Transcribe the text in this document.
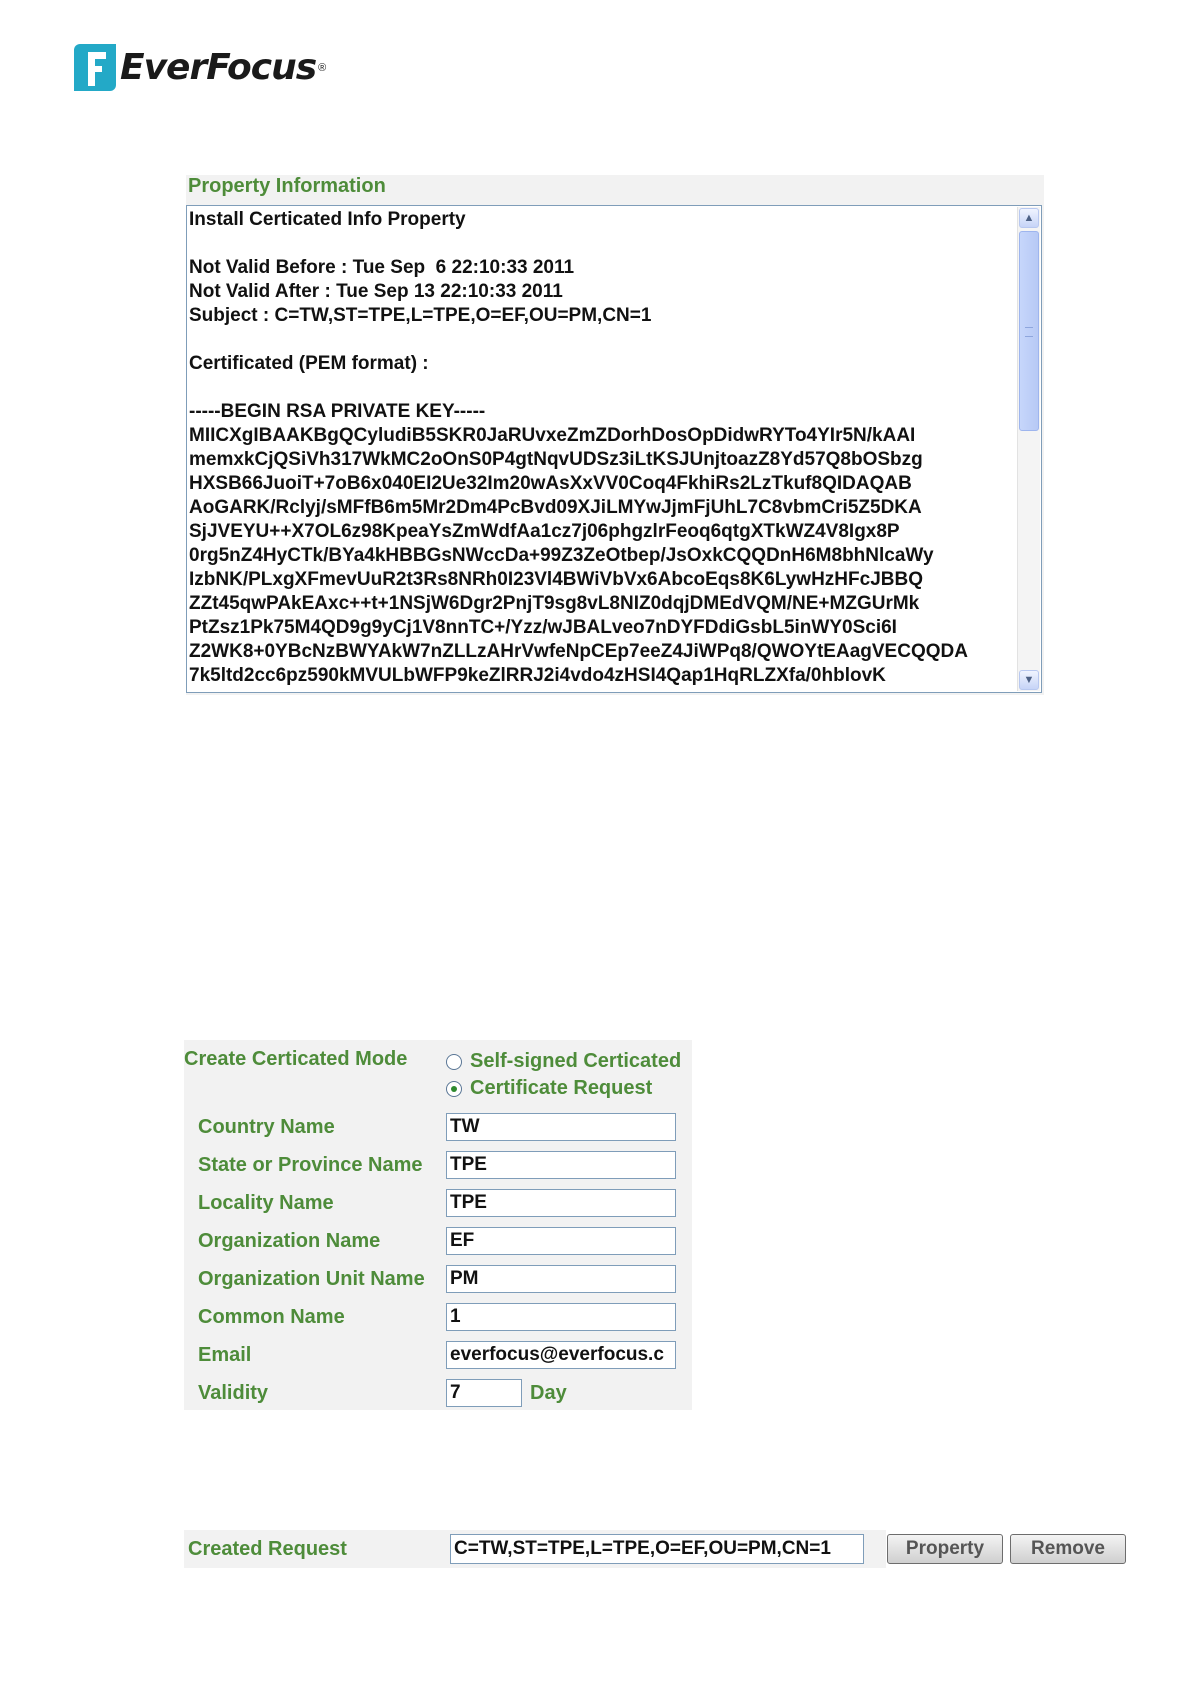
EverFocus ®
Property Information
Install Certicated Info Property

Not Valid Before : Tue Sep  6 22:10:33 2011
Not Valid After : Tue Sep 13 22:10:33 2011
Subject : C=TW,ST=TPE,L=TPE,O=EF,OU=PM,CN=1

Certificated (PEM format) :

-----BEGIN RSA PRIVATE KEY-----
MIICXgIBAAKBgQCyludiB5SKR0JaRUvxeZmZDorhDosOpDidwRYTo4YIr5N/kAAI
memxkCjQSiVh317WkMC2oOnS0P4gtNqvUDSz3iLtKSJUnjtoazZ8Yd57Q8bOSbzg
HXSB66JuoiT+7oB6x040EI2Ue32Im20wAsXxVV0Coq4FkhiRs2LzTkuf8QIDAQAB
AoGARK/Rclyj/sMFfB6m5Mr2Dm4PcBvd09XJiLMYwJjmFjUhL7C8vbmCri5Z5DKA
SjJVEYU++X7OL6z98KpeaYsZmWdfAa1cz7j06phgzlrFeoq6qtgXTkWZ4V8Igx8P
0rg5nZ4HyCTk/BYa4kHBBGsNWccDa+99Z3ZeOtbep/JsOxkCQQDnH6M8bhNlcaWy
IzbNK/PLxgXFmevUuR2t3Rs8NRh0I23Vl4BWiVbVx6AbcoEqs8K6LywHzHFcJBBQ
ZZt45qwPAkEAxc++t+1NSjW6Dgr2PnjT9sg8vL8NIZ0dqjDMEdVQM/NE+MZGUrMk
PtZsz1Pk75M4QD9g9yCj1V8nnTC+/Yzz/wJBALveo7nDYFDdiGsbL5inWY0Sci6I
Z2WK8+0YBcNzBWYAkW7nZLLzAHrVwfeNpCEp7eeZ4JiWPq8/QWOYtEAagVECQQDA
7k5ltd2cc6pz590kMVULbWFP9keZlRRJ2i4vdo4zHSI4Qap1HqRLZXfa/0hblovK
▲
▼
Create Certicated Mode	Self-signed Certicated
Certificate Request
Country Name	TW
State or Province Name TPE
Locality Name	TPE
Organization Name	EF
Organization Unit Name PM
Common Name	1
Email	everfocus@everfocus.c
Validity	7	Day
Created Request	C=TW,ST=TPE,L=TPE,O=EF,OU=PM,CN=1	Property	Remove
